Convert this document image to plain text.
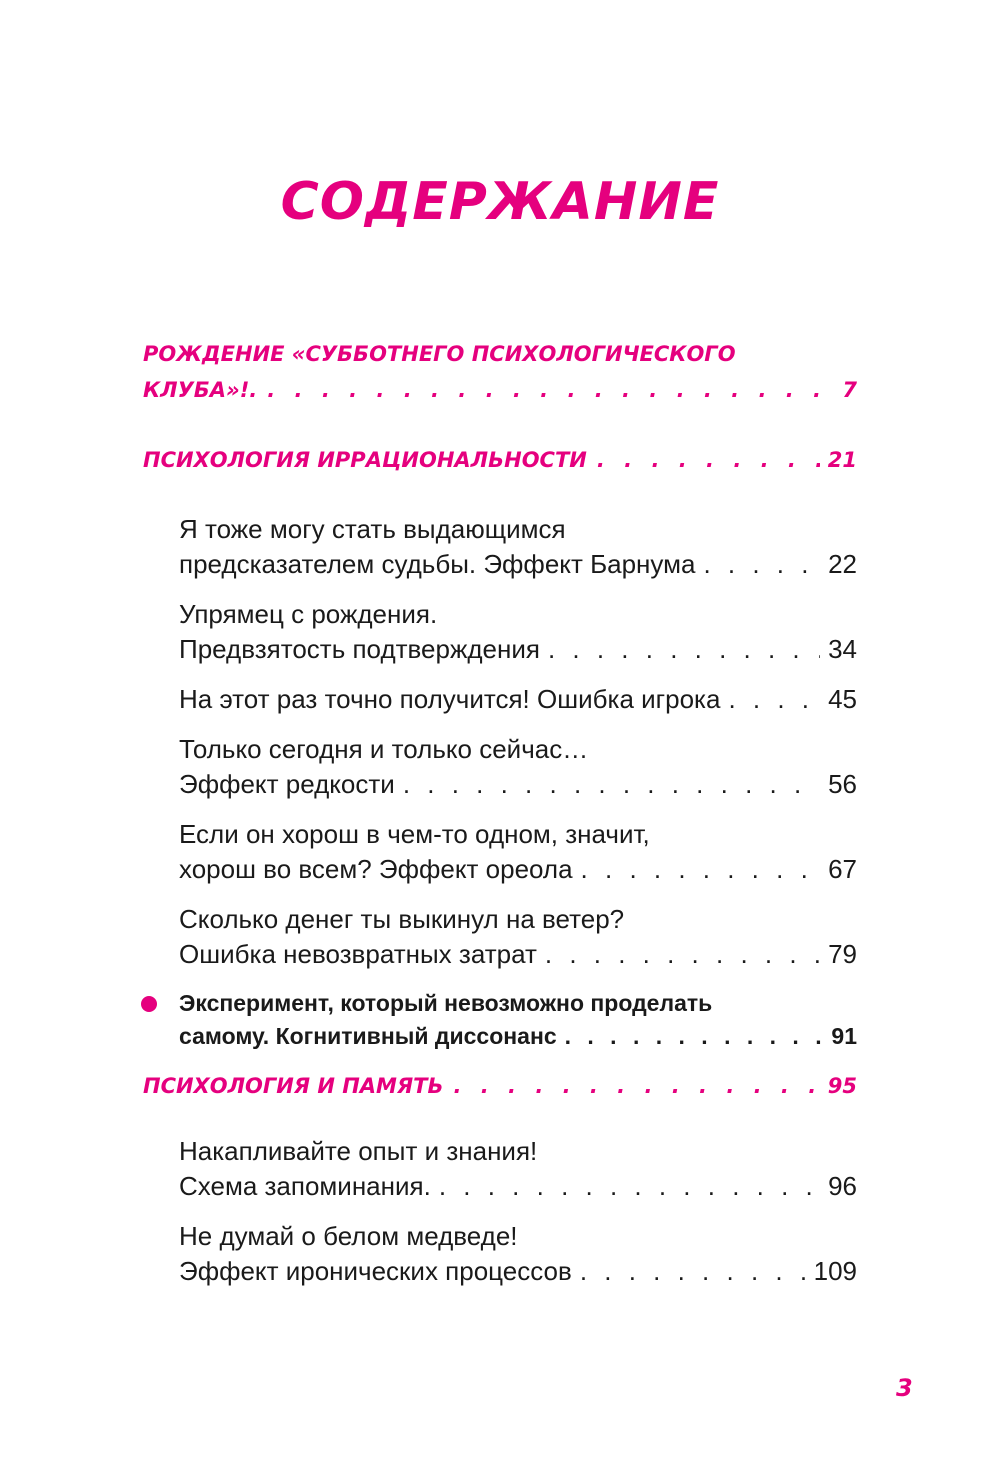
СОДЕРЖАНИЕ
РОЖДЕНИЕ «СУББОТНЕГО ПСИХОЛОГИЧЕСКОГО
КЛУБА»!. . . .	7
ПСИХОЛОГИЯ ИРРАЦИОНАЛЬНОСТИ . . .	21
Я тоже могу стать выдающимся
предсказателем судьбы. Эффект Барнума . . .	22
Упрямец с рождения.
Предвзятость подтверждения . . .	34
На этот раз точно получится! Ошибка игрока . . .	45
Только сегодня и только сейчас…
Эффект редкости . . .	56
Если он хорош в чем-то одном, значит,
хорош во всем? Эффект ореола . . .	67
Сколько денег ты выкинул на ветер?
Ошибка невозвратных затрат . . .	79
Эксперимент, который невозможно проделать
самому. Когнитивный диссонанс . . .	91
ПСИХОЛОГИЯ И ПАМЯТЬ . . .	95
Накапливайте опыт и знания!
Схема запоминания. . . .	96
Не думай о белом медведе!
Эффект иронических процессов . . .	109
3
